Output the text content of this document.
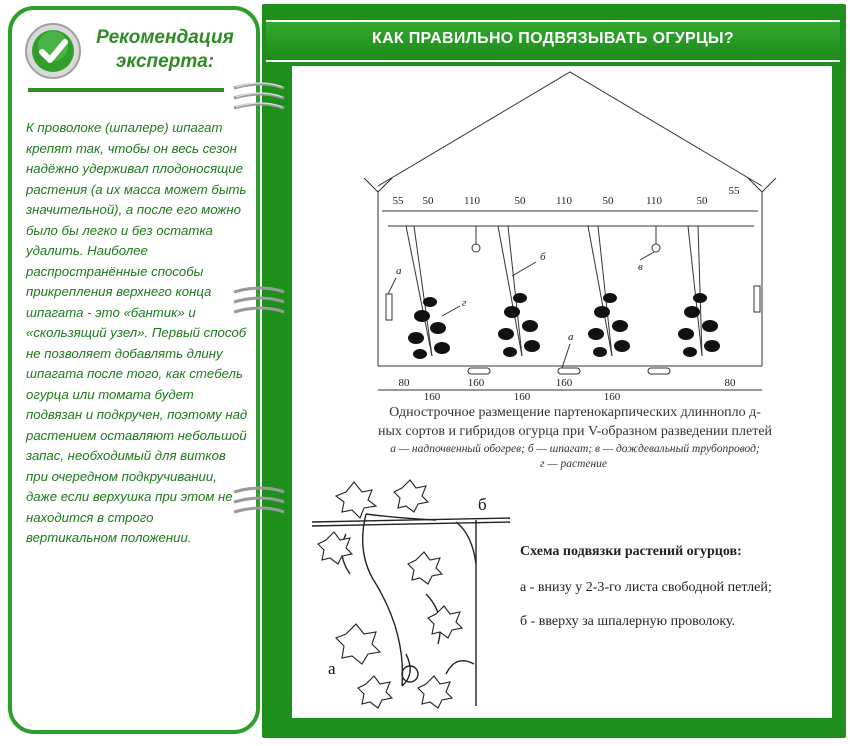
Рекомендация эксперта:
К проволоке (шпалере) шпагат крепят так, чтобы он весь сезон надёжно удерживал плодоносящие растения (а их масса может быть значительной), а после его можно было бы легко и без остатка удалить. Наиболее распространённые способы прикрепления верхнего конца шпагата - это «бантик» и «скользящий узел». Первый способ не позволяет добавлять длину шпагата после того, как стебель огурца или томата будет подвязан и подкручен, поэтому над растением оставляют небольшой запас, необходимый для витков при очередном подкручивании, даже если верхушка при этом не находится в строго вертикальном положении.
КАК ПРАВИЛЬНО ПОДВЯЗЫВАТЬ ОГУРЦЫ?
55 50	110	50	110	50	110	50
55
80
160
160
160
160
160
80
а
б
в
г
а
Однострочное размещение партенокарпических длиннопло д-
ных сортов и гибридов огурца при V-образном разведении плетей
а — надпочвенный обогрев; б — шпагат; в — дождевальный трубопровод;
г — растение
а
б
Схема подвязки растений огурцов:
а - внизу у 2-3-го листа свободной петлей;
б - вверху за шпалерную проволоку.
